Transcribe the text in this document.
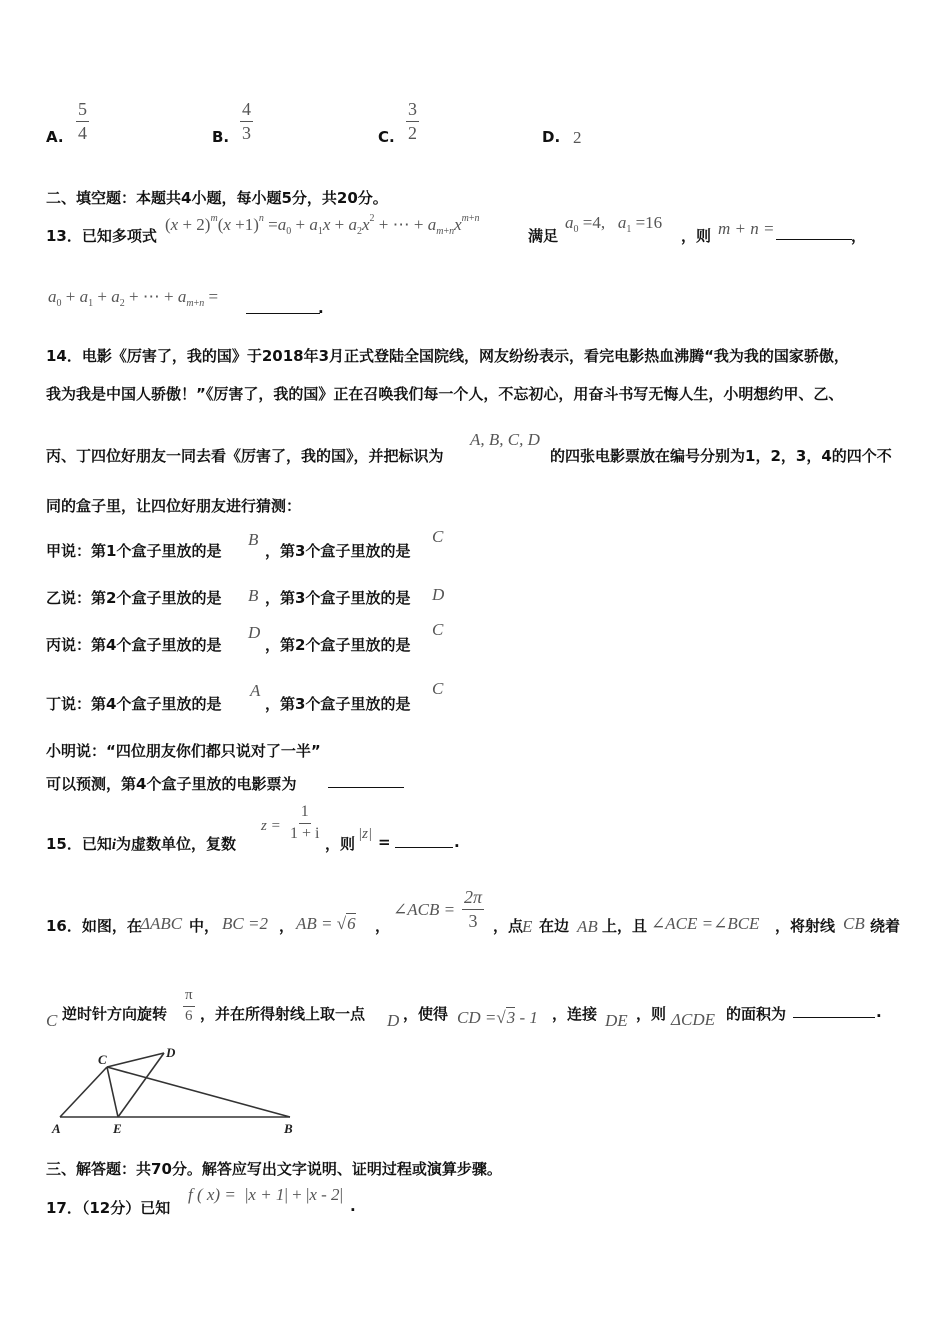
A. $\frac{5}{4}$	B. $\frac{4}{3}$	C. $\frac{3}{2}$	D. 2
二、填空题：本题共4小题，每小题5分，共20分。
13．已知多项式
$(x + 2)^m(x +1)^n =a_0 + a_1x + a_2x^2$ + ⋯ + $a_{m+n}x^{m+n}$
满足
$a_0 =4$, $a_1 =16$
，则 m + n =	，
$a_0 + a_1 + a_2$ + ⋯ + $a_{m+n}$ =
.
14．电影《厉害了，我的国》于2018年3月正式登陆全国院线，网友纷纷表示，看完电影热血沸腾“我为我的国家骄傲，
我为我是中国人骄傲！”《厉害了，我的国》正在召唤我们每一个人，不忘初心，用奋斗书写无悔人生，小明想约甲、乙、
丙、丁四位好朋友一同去看《厉害了，我的国》，并把标识为
A, B, C, D
的四张电影票放在编号分别为1，2，3，4的四个不
同的盒子里，让四位好朋友进行猜测：
甲说：第1个盒子里放的是
B
，第3个盒子里放的是
C
乙说：第2个盒子里放的是 B ，第3个盒子里放的是 D
丙说：第4个盒子里放的是
D
，第2个盒子里放的是
C
丁说：第4个盒子里放的是
A
，第3个盒子里放的是
C
小明说：“四位朋友你们都只说对了一半”
可以预测，第4个盒子里放的电影票为
15．已知i为虚数单位，复数
$z = \frac{1}{1 + i}$
，则
|z| =	.
16．如图，在
ΔABC 中， BC =2 ， AB = √6 ，
∠ACB = $\frac{2\pi}{3}$ ，点
E 在边 AB 上，且 ∠ACE =∠BCE ，将射线 CB 绕着
C 逆时针方向旋转 $\frac{\pi}{6}$ ，并在所得射线上取一点 D ，使得 CD =√3 - 1 ，连接 DE ，则 ΔCDE 的面积为	.
A	E	B
C	D
三、解答题：共70分。解答应写出文字说明、证明过程或演算步骤。
17．（12分）已知
f ( x) = |x + 1| + |x - 2|
.
